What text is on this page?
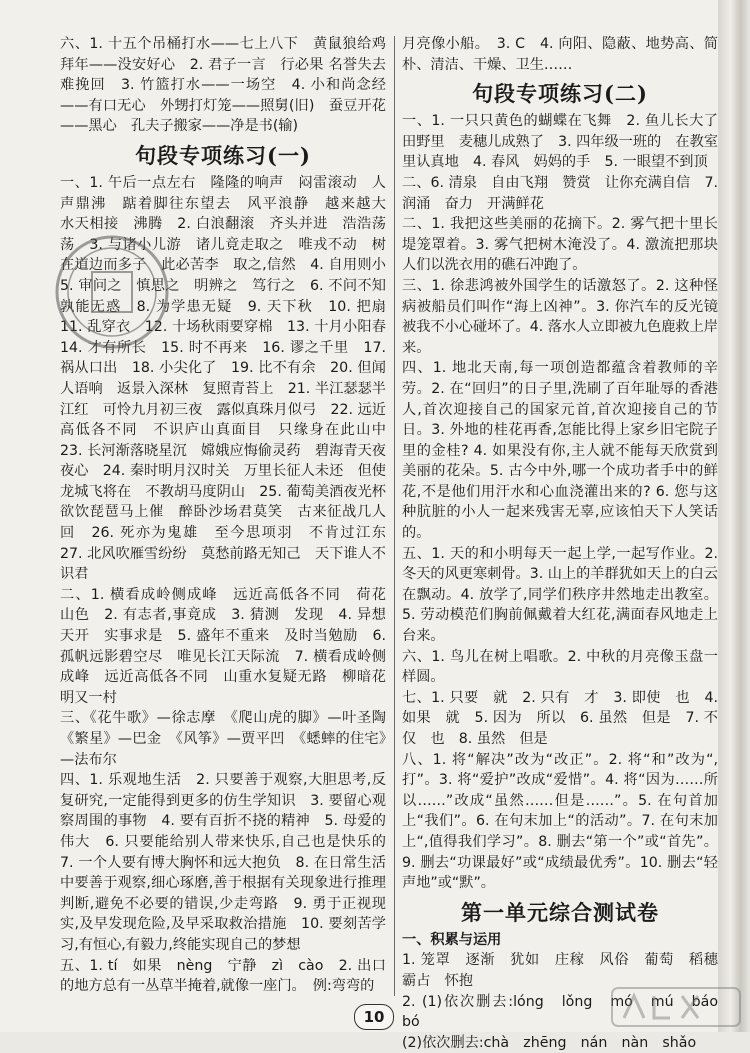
六、1. 十五个吊桶打水——七上八下　黄鼠狼给鸡拜年——没安好心　2. 君子一言　行必果 名誉失去难挽回　3. 竹篮打水——一场空　4. 小和尚念经——有口无心　外甥打灯笼——照舅(旧)　蚕豆开花——黑心　孔夫子搬家——净是书(输)

句段专项练习(一)

一、1. 午后一点左右　隆隆的响声　闷雷滚动　人声鼎沸　踮着脚往东望去　风平浪静　越来越大　水天相接　沸腾　2. 白浪翻滚　齐头并进　浩浩荡荡　3. 与诸小儿游　诸儿竟走取之　唯戎不动　树在道边而多子　此必苦李　取之,信然　4. 自用则小　5. 审问之　慎思之　明辨之　笃行之　6. 不问不知　孰能无惑　8. 为学患无疑　9. 天下秋　10. 把扇　11. 乱穿衣　12. 十场秋雨要穿棉　13. 十月小阳春　14. 才有所长　15. 时不再来　16. 谬之千里　17. 祸从口出　18. 小尖化了　19. 比不有余　20. 但闻人语响　返景入深林　复照青苔上　21. 半江瑟瑟半江红　可怜九月初三夜　露似真珠月似弓　22. 远近高低各不同　不识庐山真面目　只缘身在此山中　23. 长河渐落晓星沉　嫦娥应悔偷灵药　碧海青天夜夜心　24. 秦时明月汉时关　万里长征人未还　但使龙城飞将在　不教胡马度阴山　25. 葡萄美酒夜光杯　欲饮琵琶马上催　醉卧沙场君莫笑　古来征战几人回　26. 死亦为鬼雄　至今思项羽　不肯过江东　27. 北风吹雁雪纷纷　莫愁前路无知己　天下谁人不识君

二、1. 横看成岭侧成峰　远近高低各不同　荷花　山色　2. 有志者,事竟成　3. 猜测　发现　4. 异想天开　实事求是　5. 盛年不重来　及时当勉励　6. 孤帆远影碧空尽　唯见长江天际流　7. 横看成岭侧成峰　远近高低各不同　山重水复疑无路　柳暗花明又一村

三、《花牛歌》—徐志摩　《爬山虎的脚》—叶圣陶　《繁星》—巴金　《风筝》—贾平凹　《蟋蟀的住宅》—法布尔

四、1. 乐观地生活　2. 只要善于观察,大胆思考,反复研究,一定能得到更多的仿生学知识　3. 要留心观察周围的事物　4. 要有百折不挠的精神　5. 母爱的伟大　6. 只要能给别人带来快乐,自己也是快乐的　7. 一个人要有博大胸怀和远大抱负　8. 在日常生活中要善于观察,细心琢磨,善于根据有关现象进行推理判断,避免不必要的错误,少走弯路　9. 勇于正视现实,及早发现危险,及早采取救治措施　10. 要刻苦学习,有恒心,有毅力,终能实现自己的梦想

五、1. tí　如果　nèng　宁静　zì　cào　2. 出口的地方总有一丛草半掩着,就像一座门。　例:弯弯的

月亮像小船。　3. C　4. 向阳、隐蔽、地势高、简朴、清洁、干燥、卫生……

句段专项练习(二)

一、1. 一只只黄色的蝴蝶在飞舞　2. 鱼儿长大了　田野里　麦穗儿成熟了　3. 四年级一班的　在教室里认真地　4. 春风　妈妈的手　5. 一眼望不到顶

二、6. 清泉　自由飞翔　赞赏　让你充满自信　7. 润涌　奋力　开满鲜花

二、1. 我把这些美丽的花摘下。2. 雾气把十里长堤笼罩着。3. 雾气把树木淹没了。4. 激流把那块人们以洗衣用的礁石冲跑了。

三、1. 徐悲鸿被外国学生的话激怒了。2. 这种怪病被船员们叫作“海上凶神”。3. 你汽车的反光镜被我不小心碰坏了。4. 落水人立即被九色鹿救上岸来。

四、1. 地北天南,每一项创造都蕴含着教师的辛劳。2. 在“回归”的日子里,洗刷了百年耻辱的香港人,首次迎接自己的国家元首,首次迎接自己的节日。3. 外地的桂花再香,怎能比得上家乡旧宅院子里的金桂? 4. 如果没有你,主人就不能每天欣赏到美丽的花朵。5. 古今中外,哪一个成功者手中的鲜花,不是他们用汗水和心血浇灌出来的? 6. 您与这种肮脏的小人一起来残害无辜,应该怕天下人笑话的。

五、1. 天的和小明每天一起上学,一起写作业。2. 冬天的风更寒刺骨。3. 山上的羊群犹如天上的白云在飘动。4. 放学了,同学们秩序井然地走出教室。5. 劳动模范们胸前佩戴着大红花,满面春风地走上台来。

六、1. 鸟儿在树上唱歌。2. 中秋的月亮像玉盘一样圆。

七、1. 只要　就　2. 只有　才　3. 即使　也　4. 如果　就　5. 因为　所以　6. 虽然　但是　7. 不仅　也　8. 虽然　但是

八、1. 将“解决”改为“改正”。2. 将“和”改为“,打”。3. 将“爱护”改成“爱惜”。4. 将“因为……所以……”改成“虽然……但是……”。5. 在句首加上“我们”。6. 在句末加上“的活动”。7. 在句末加上“,值得我们学习”。8. 删去“第一个”或“首先”。9. 删去“功课最好”或“成绩最优秀”。10. 删去“轻声地”或“默”。

第一单元综合测试卷

一、积累与运用

1. 笼罩　逐渐　犹如　庄稼　风俗　葡萄　稻穗　霸占　怀抱

2. (1)依次删去:lóng　lǒng　mó　mú　báo　bó

(2)依次删去:chà　zhēng　nán　nàn　shǎo

10
